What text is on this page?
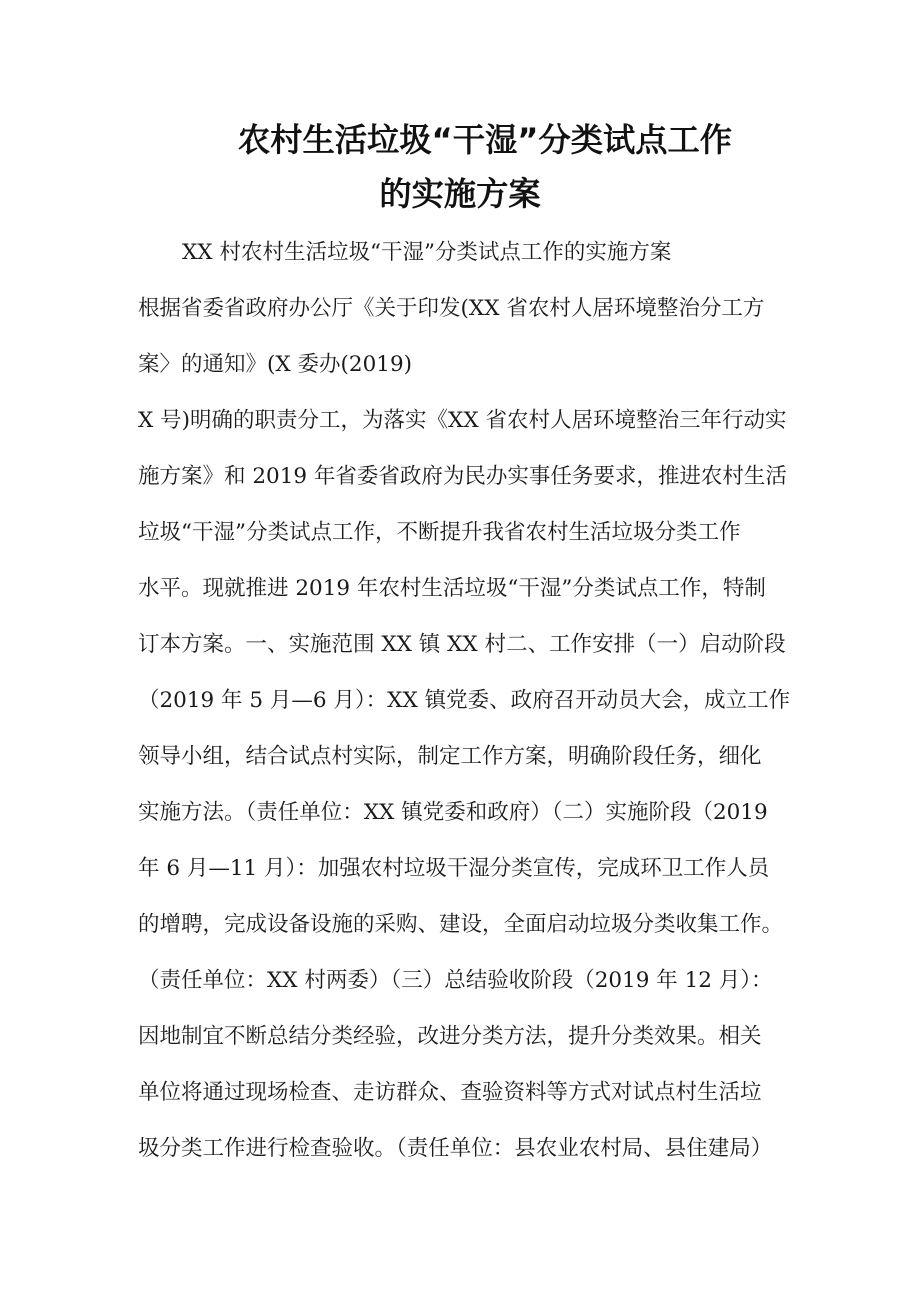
农村生活垃圾“干湿”分类试点工作
的实施方案
XX 村农村生活垃圾“干湿”分类试点工作的实施方案
根据省委省政府办公厅《关于印发(XX 省农村人居环境整治分工方
案〉的通知》(X 委办(2019)
X 号)明确的职责分工，为落实《XX 省农村人居环境整治三年行动实
施方案》和 2019 年省委省政府为民办实事任务要求，推进农村生活
垃圾“干湿”分类试点工作，不断提升我省农村生活垃圾分类工作
水平。现就推进 2019 年农村生活垃圾“干湿”分类试点工作，特制
订本方案。一、实施范围 XX 镇 XX 村二、工作安排（一）启动阶段
（2019 年 5 月—6 月）：XX 镇党委、政府召开动员大会，成立工作
领导小组，结合试点村实际，制定工作方案，明确阶段任务，细化
实施方法。（责任单位：XX 镇党委和政府）（二）实施阶段（2019
年 6 月—11 月）：加强农村垃圾干湿分类宣传，完成环卫工作人员
的增聘，完成设备设施的采购、建设，全面启动垃圾分类收集工作。
（责任单位：XX 村两委）（三）总结验收阶段（2019 年 12 月）：
因地制宜不断总结分类经验，改进分类方法，提升分类效果。相关
单位将通过现场检查、走访群众、查验资料等方式对试点村生活垃
圾分类工作进行检查验收。（责任单位：县农业农村局、县住建局）
